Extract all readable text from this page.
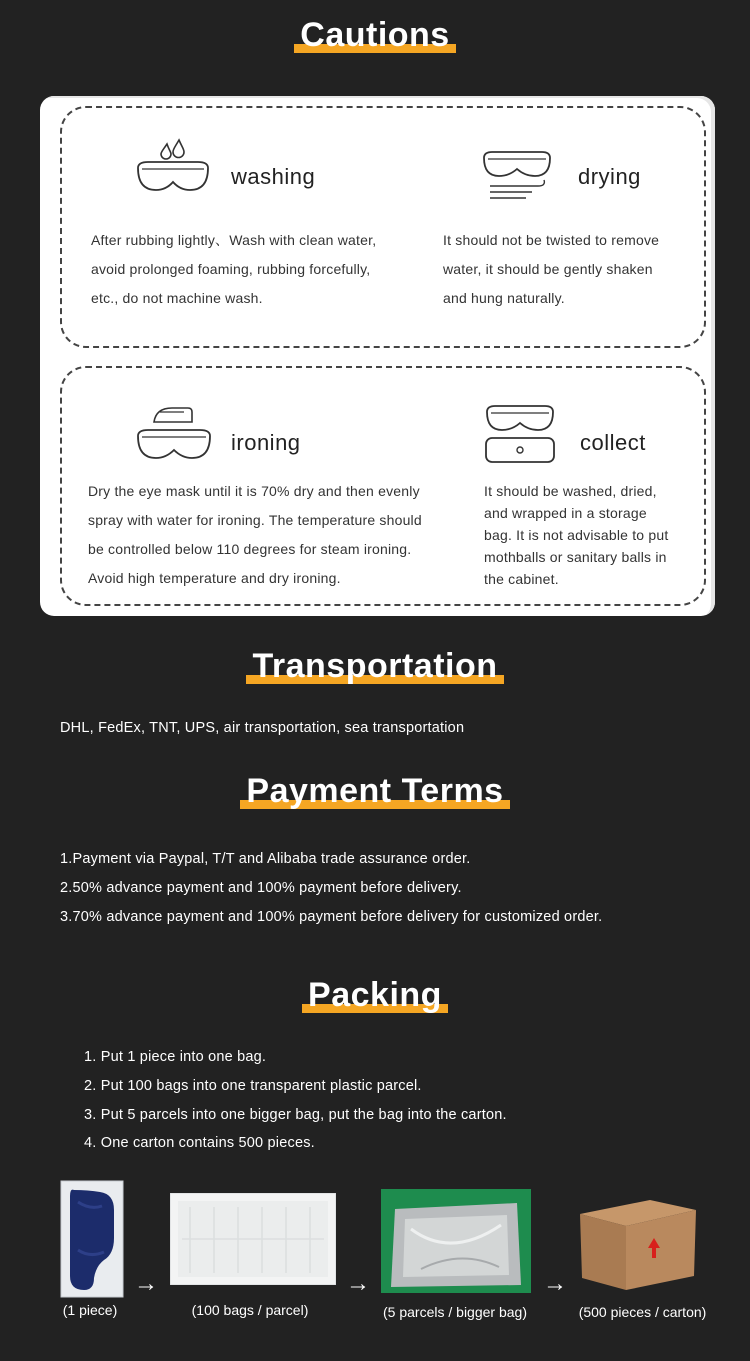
Cautions
washing
After rubbing lightly、Wash with clean water,
avoid prolonged foaming, rubbing forcefully,
etc., do not machine wash.
drying
It should not be twisted to remove
water, it should be gently shaken
and hung naturally.
ironing
Dry the eye mask until it is 70% dry and then evenly
spray with water for ironing. The temperature should
be controlled below 110 degrees for steam ironing.
Avoid high temperature and dry ironing.
collect
It should be washed, dried,
and wrapped in a storage
bag. It is not advisable to put
mothballs or sanitary balls in
the cabinet.
Transportation
DHL, FedEx, TNT, UPS, air transportation, sea transportation
Payment Terms
1.Payment via Paypal, T/T and Alibaba trade assurance order.
2.50% advance payment and 100% payment before delivery.
3.70% advance payment and 100% payment before delivery for customized order.
Packing
1. Put 1 piece into one bag.
2. Put 100 bags into one transparent plastic parcel.
3. Put 5 parcels into one bigger bag, put the bag into the carton.
4. One carton contains 500 pieces.
→	→	→
(1 piece)	(100 bags / parcel)	(5 parcels / bigger bag)	(500 pieces / carton)
